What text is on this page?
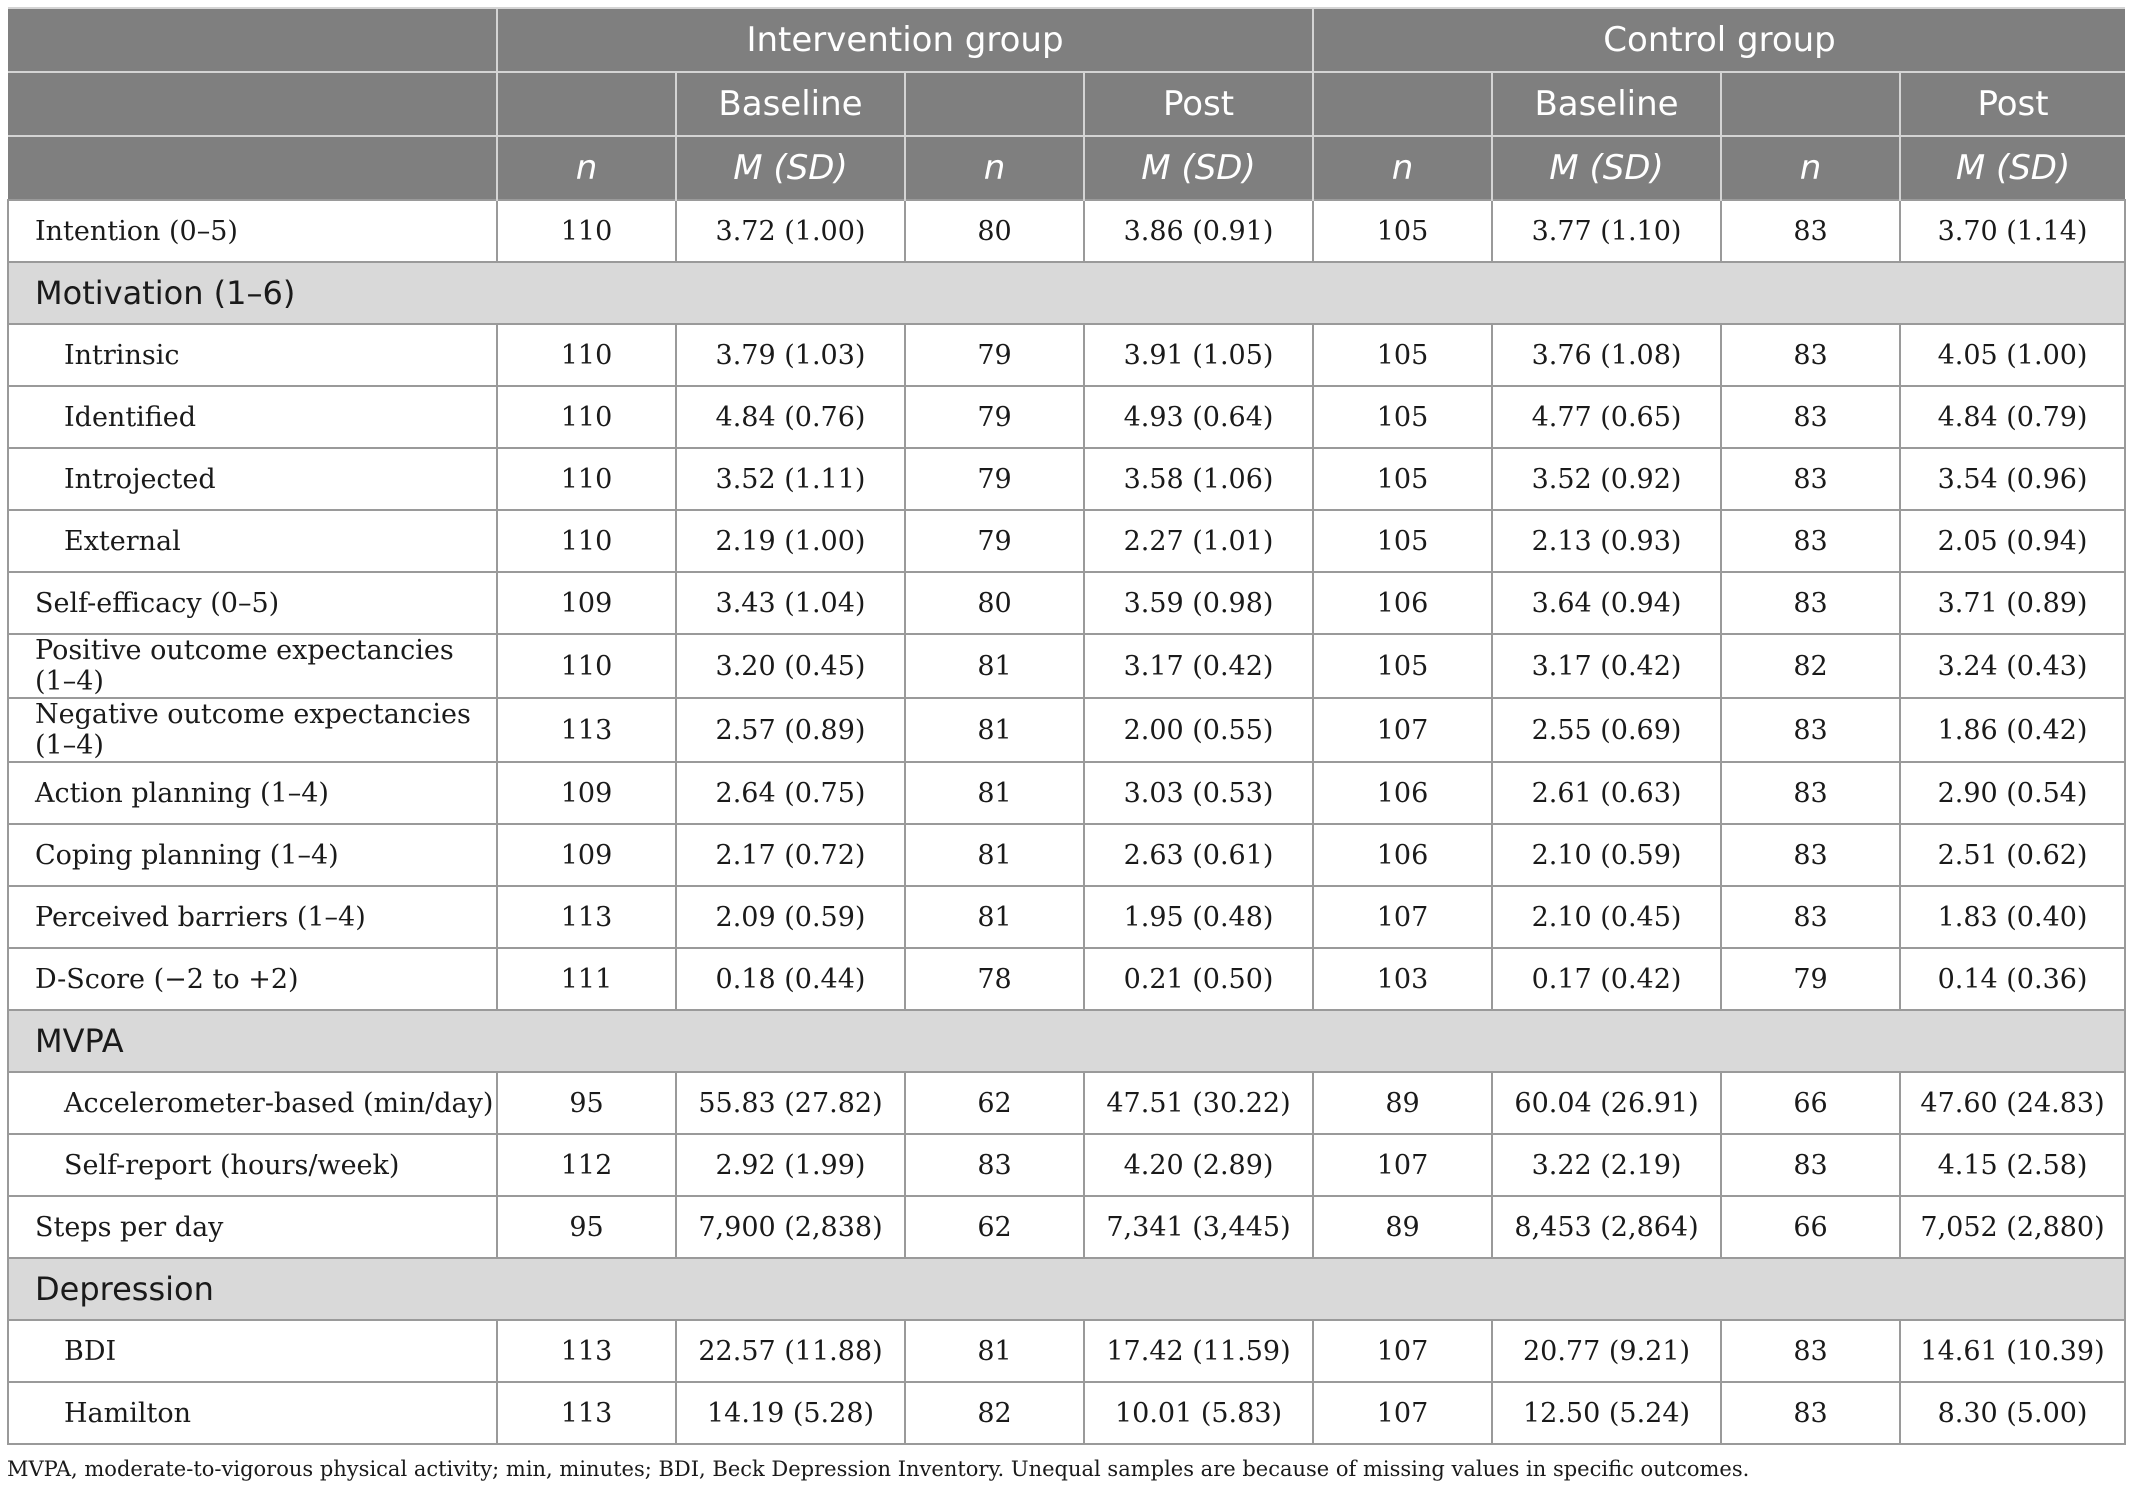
	Intervention group				Control group			
		Baseline		Post		Baseline		Post
	n	M (SD)	n	M (SD)	n	M (SD)	n	M (SD)
Intention (0–5)	110	3.72 (1.00)	80	3.86 (0.91)	105	3.77 (1.10)	83	3.70 (1.14)
Motivation (1–6)								
Intrinsic	110	3.79 (1.03)	79	3.91 (1.05)	105	3.76 (1.08)	83	4.05 (1.00)
Identified	110	4.84 (0.76)	79	4.93 (0.64)	105	4.77 (0.65)	83	4.84 (0.79)
Introjected	110	3.52 (1.11)	79	3.58 (1.06)	105	3.52 (0.92)	83	3.54 (0.96)
External	110	2.19 (1.00)	79	2.27 (1.01)	105	2.13 (0.93)	83	2.05 (0.94)
Self-efficacy (0–5)	109	3.43 (1.04)	80	3.59 (0.98)	106	3.64 (0.94)	83	3.71 (0.89)
Positive outcome expectancies (1–4)	110	3.20 (0.45)	81	3.17 (0.42)	105	3.17 (0.42)	82	3.24 (0.43)
Negative outcome expectancies (1–4)	113	2.57 (0.89)	81	2.00 (0.55)	107	2.55 (0.69)	83	1.86 (0.42)
Action planning (1–4)	109	2.64 (0.75)	81	3.03 (0.53)	106	2.61 (0.63)	83	2.90 (0.54)
Coping planning (1–4)	109	2.17 (0.72)	81	2.63 (0.61)	106	2.10 (0.59)	83	2.51 (0.62)
Perceived barriers (1–4)	113	2.09 (0.59)	81	1.95 (0.48)	107	2.10 (0.45)	83	1.83 (0.40)
D-Score (−2 to +2)	111	0.18 (0.44)	78	0.21 (0.50)	103	0.17 (0.42)	79	0.14 (0.36)
MVPA								
Accelerometer-based (min/day)	95	55.83 (27.82)	62	47.51 (30.22)	89	60.04 (26.91)	66	47.60 (24.83)
Self-report (hours/week)	112	2.92 (1.99)	83	4.20 (2.89)	107	3.22 (2.19)	83	4.15 (2.58)
Steps per day	95	7,900 (2,838)	62	7,341 (3,445)	89	8,453 (2,864)	66	7,052 (2,880)
Depression								
BDI	113	22.57 (11.88)	81	17.42 (11.59)	107	20.77 (9.21)	83	14.61 (10.39)
Hamilton	113	14.19 (5.28)	82	10.01 (5.83)	107	12.50 (5.24)	83	8.30 (5.00)
MVPA, moderate-to-vigorous physical activity; min, minutes; BDI, Beck Depression Inventory. Unequal samples are because of missing values in specific outcomes.
